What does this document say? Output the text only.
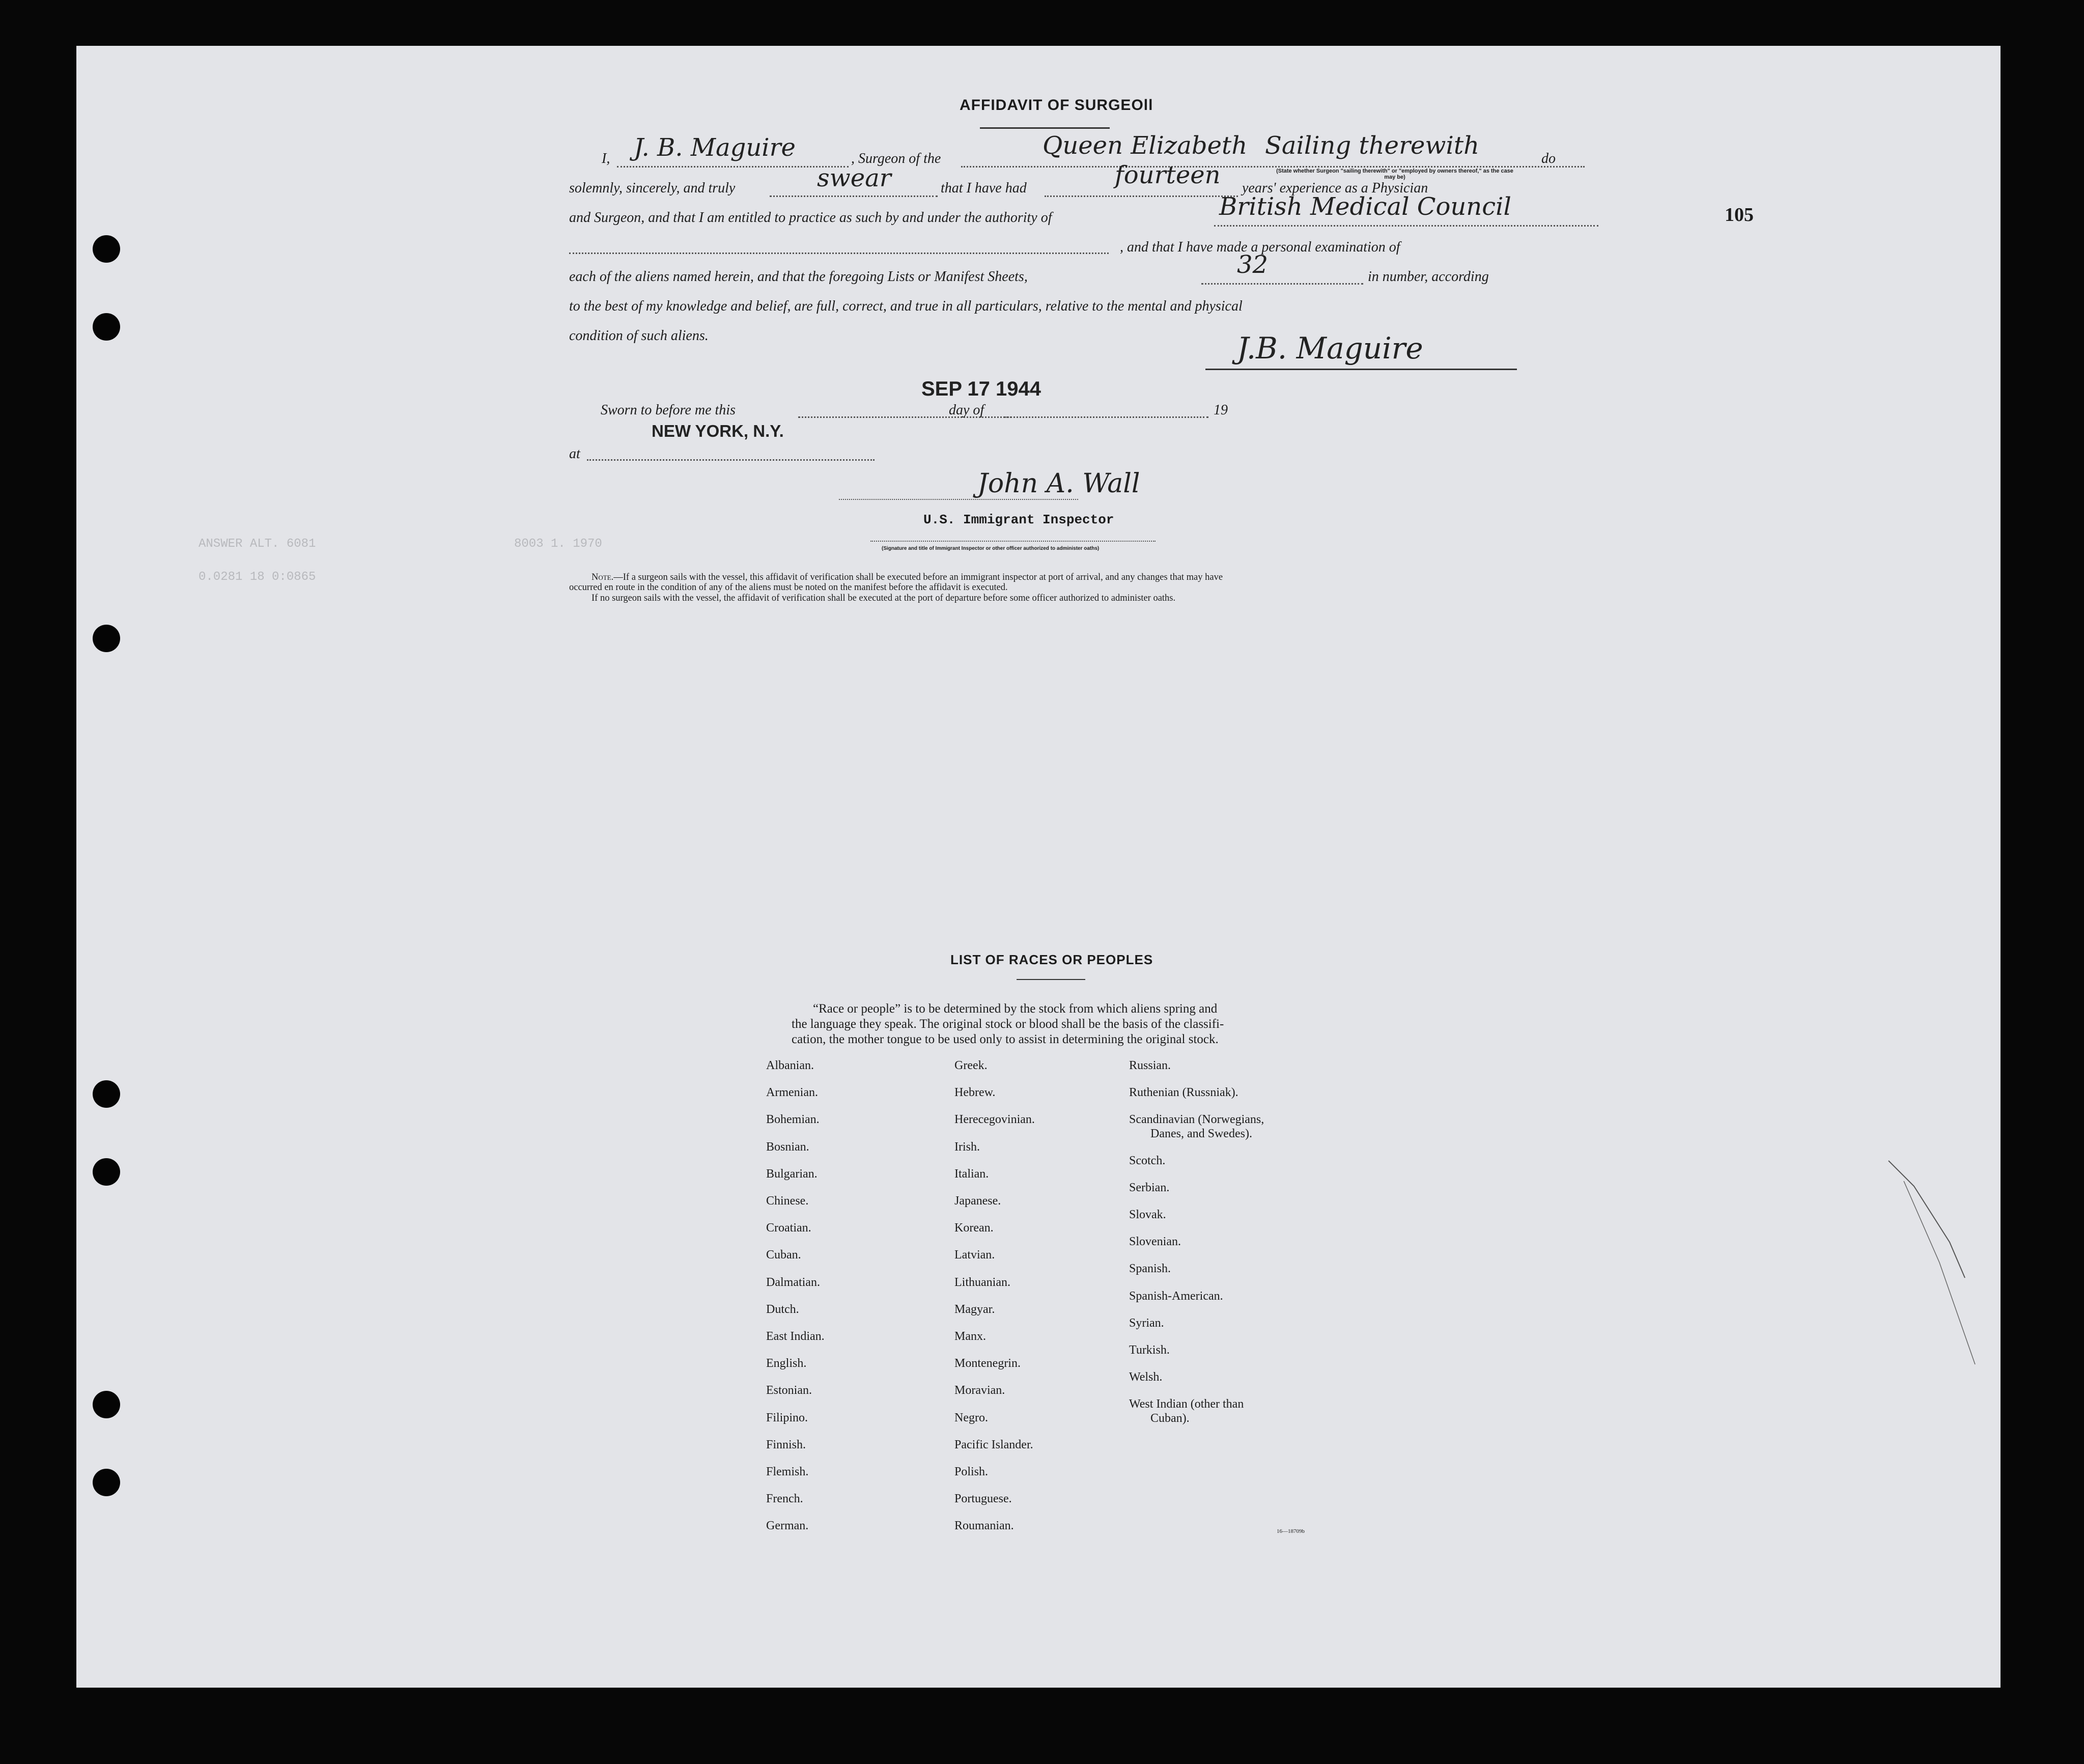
105
AFFIDAVIT OF SURGEOll
I, J. B. Maguire	, Surgeon of the	Queen Elizabeth Sailing therewith	do
(State whether Surgeon "sailing therewith" or "employed by owners thereof," as the case may be)
solemnly, sincerely, and truly	swear	that I have had	fourteen years' experience as a Physician
and Surgeon, and that I am entitled to practice as such by and under the authority of	British Medical Council
, and that I have made a personal examination of
each of the aliens named herein, and that the foregoing Lists or Manifest Sheets,	32	in number, according
to the best of my knowledge and belief, are full, correct, and true in all particulars, relative to the mental and physical
condition of such aliens.	J.B. Maguire
Sworn to before me this
SEP 17 1944
day of	19
NEW YORK, N.Y.
at
John A. Wall
U.S. Immigrant Inspector
(Signature and title of Immigrant Inspector or other officer authorized to administer oaths)
Note.—If a surgeon sails with the vessel, this affidavit of verification shall be executed before an immigrant inspector at port of arrival, and any changes that may have
occurred en route in the condition of any of the aliens must be noted on the manifest before the affidavit is executed.
If no surgeon sails with the vessel, the affidavit of verification shall be executed at the port of departure before some officer authorized to administer oaths.
ANSWER ALT. 6081	8003 1. 1970
0.0281 18 0:0865
LIST OF RACES OR PEOPLES
“Race or people” is to be determined by the stock from which aliens spring and
the language they speak. The original stock or blood shall be the basis of the classifi-
cation, the mother tongue to be used only to assist in determining the original stock.
Albanian.
Armenian.
Bohemian.
Bosnian.
Bulgarian.
Chinese.
Croatian.
Cuban.
Dalmatian.
Dutch.
East Indian.
English.
Estonian.
Filipino.
Finnish.
Flemish.
French.
German.
Greek.
Hebrew.
Herecegovinian.
Irish.
Italian.
Japanese.
Korean.
Latvian.
Lithuanian.
Magyar.
Manx.
Montenegrin.
Moravian.
Negro.
Pacific Islander.
Polish.
Portuguese.
Roumanian.
Russian.
Ruthenian (Russniak).
Scandinavian (Norwegians,
Danes, and Swedes).
Scotch.
Serbian.
Slovak.
Slovenian.
Spanish.
Spanish-American.
Syrian.
Turkish.
Welsh.
West Indian (other than
Cuban).
16—18709b
